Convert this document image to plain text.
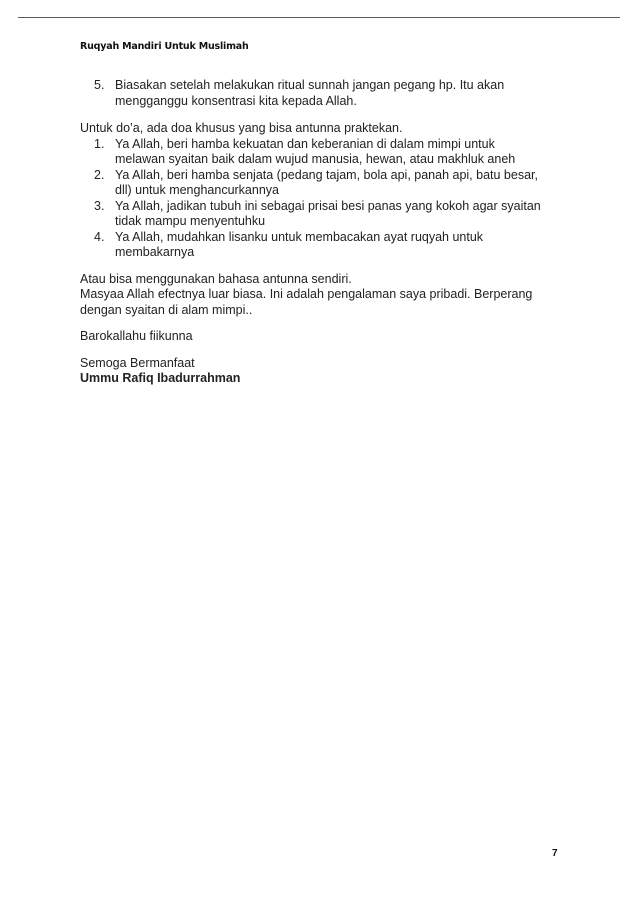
Ruqyah Mandiri Untuk Muslimah
5. Biasakan setelah melakukan ritual sunnah jangan pegang hp. Itu akan
mengganggu konsentrasi kita kepada Allah.

Untuk do’a, ada doa khusus yang bisa antunna praktekan.

1. Ya Allah, beri hamba kekuatan dan keberanian di dalam mimpi untuk
melawan syaitan baik dalam wujud manusia, hewan, atau makhluk aneh
2. Ya Allah, beri hamba senjata (pedang tajam, bola api, panah api, batu besar,
dll) untuk menghancurkannya
3. Ya Allah, jadikan tubuh ini sebagai prisai besi panas yang kokoh agar syaitan
tidak mampu menyentuhku
4. Ya Allah, mudahkan lisanku untuk membacakan ayat ruqyah untuk
membakarnya

Atau bisa menggunakan bahasa antunna sendiri.

Masyaa Allah efectnya luar biasa. Ini adalah pengalaman saya pribadi. Berperang

dengan syaitan di alam mimpi..

Barokallahu fiikunna

Semoga Bermanfaat

Ummu Rafiq Ibadurrahman

7
